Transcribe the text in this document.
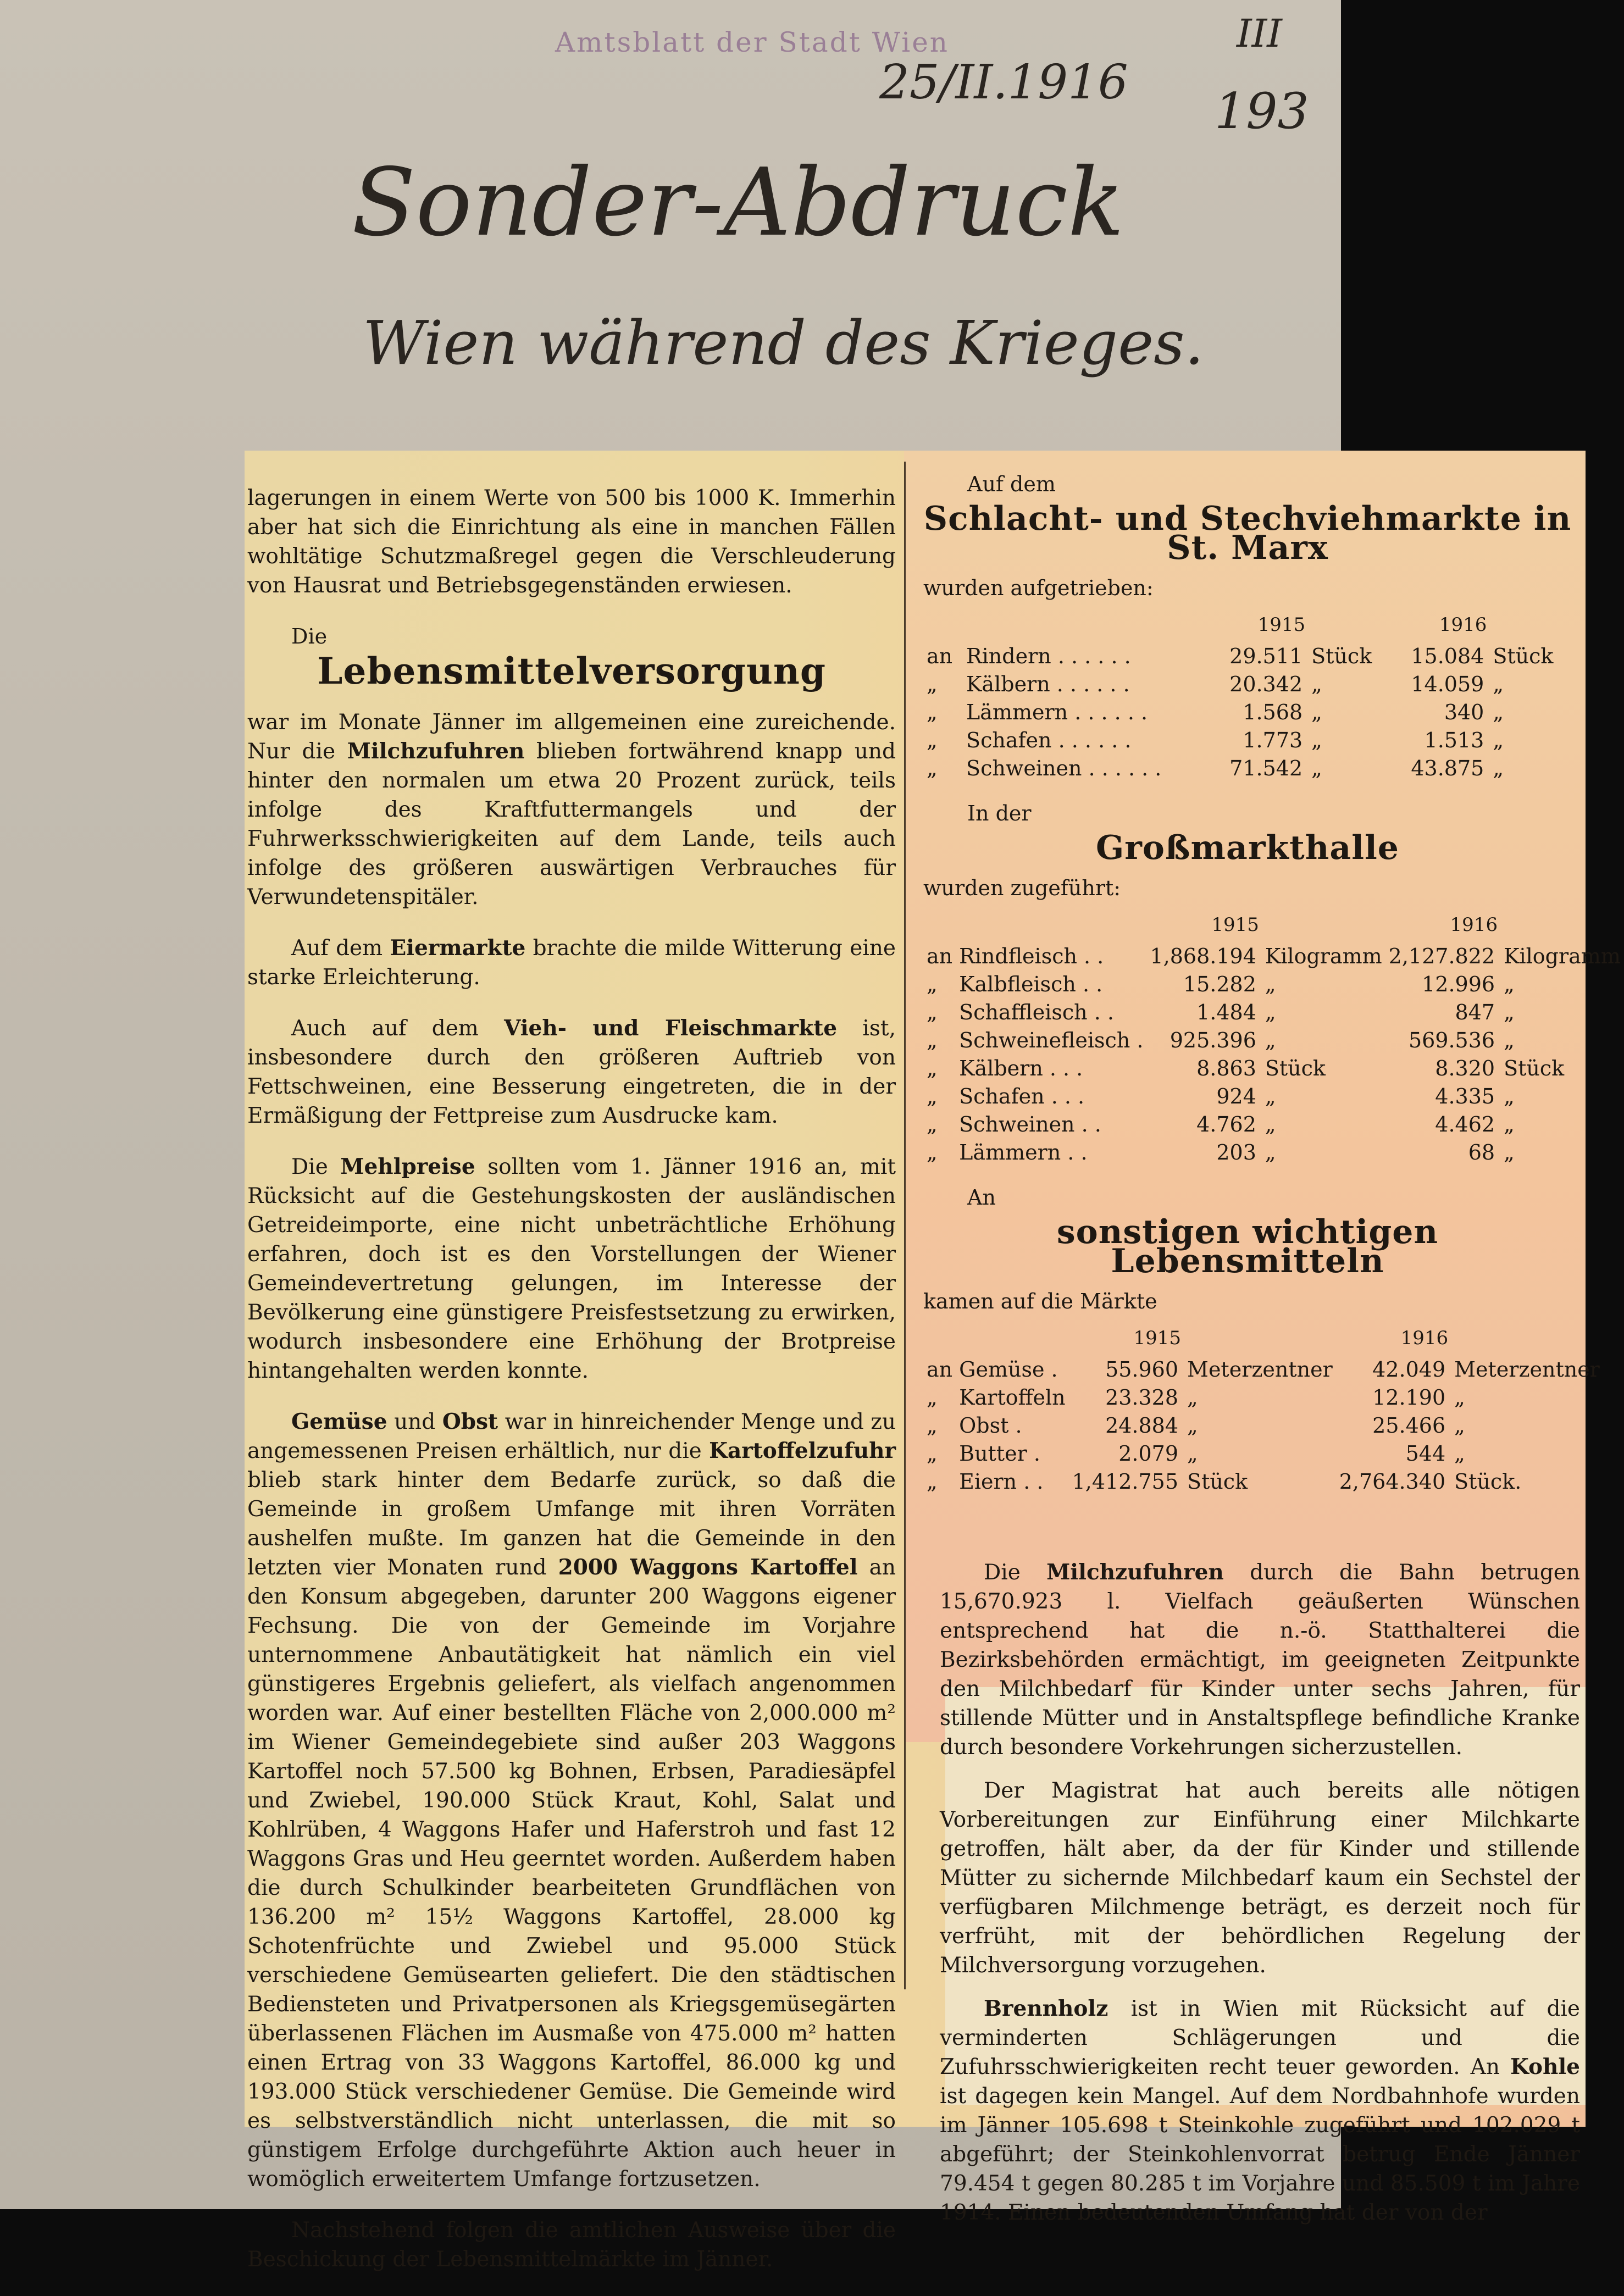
Amtsblatt der Stadt Wien	III
25/II.1916 193
Sonder-Abdruck
Wien während des Krieges.

lagerungen in einem Werte von 500 bis 1000 K. Immerhin aber hat sich die Einrichtung als eine in manchen Fällen wohltätige Schutzmaßregel gegen die Verschleuderung von Hausrat und Betriebsgegenständen erwiesen.

Die
Lebensmittelversorgung

war im Monate Jänner im allgemeinen eine zureichende. Nur die Milchzufuhren blieben fortwährend knapp und hinter den normalen um etwa 20 Prozent zurück, teils infolge des Kraftfuttermangels und der Fuhrwerksschwierigkeiten auf dem Lande, teils auch infolge des größeren auswärtigen Verbrauches für Verwundetenspitäler.

Auf dem Eiermarkte brachte die milde Witterung eine starke Erleichterung.

Auch auf dem Vieh- und Fleischmarkte ist, insbesondere durch den größeren Auftrieb von Fettschweinen, eine Besserung eingetreten, die in der Ermäßigung der Fettpreise zum Ausdrucke kam.

Die Mehlpreise sollten vom 1. Jänner 1916 an, mit Rücksicht auf die Gestehungskosten der ausländischen Getreideimporte, eine nicht unbeträchtliche Erhöhung erfahren, doch ist es den Vorstellungen der Wiener Gemeindevertretung gelungen, im Interesse der Bevölkerung eine günstigere Preisfestsetzung zu erwirken, wodurch insbesondere eine Erhöhung der Brotpreise hintangehalten werden konnte.

Gemüse und Obst war in hinreichender Menge und zu angemessenen Preisen erhältlich, nur die Kartoffelzufuhr blieb stark hinter dem Bedarfe zurück, so daß die Gemeinde in großem Umfange mit ihren Vorräten aushelfen mußte. Im ganzen hat die Gemeinde in den letzten vier Monaten rund 2000 Waggons Kartoffel an den Konsum abgegeben, darunter 200 Waggons eigener Fechsung. Die von der Gemeinde im Vorjahre unternommene Anbautätigkeit hat nämlich ein viel günstigeres Ergebnis geliefert, als vielfach angenommen worden war. Auf einer bestellten Fläche von 2,000.000 m² im Wiener Gemeindegebiete sind außer 203 Waggons Kartoffel noch 57.500 kg Bohnen, Erbsen, Paradiesäpfel und Zwiebel, 190.000 Stück Kraut, Kohl, Salat und Kohlrüben, 4 Waggons Hafer und Haferstroh und fast 12 Waggons Gras und Heu geerntet worden. Außerdem haben die durch Schulkinder bearbeiteten Grundflächen von 136.200 m² 15½ Waggons Kartoffel, 28.000 kg Schotenfrüchte und Zwiebel und 95.000 Stück verschiedene Gemüsearten geliefert. Die den städtischen Bediensteten und Privatpersonen als Kriegsgemüsegärten überlassenen Flächen im Ausmaße von 475.000 m² hatten einen Ertrag von 33 Waggons Kartoffel, 86.000 kg und 193.000 Stück verschiedener Gemüse. Die Gemeinde wird es selbstverständlich nicht unterlassen, die mit so günstigem Erfolge durchgeführte Aktion auch heuer in womöglich erweitertem Umfange fortzusetzen.

Nachstehend folgen die amtlichen Ausweise über die Beschickung der Lebensmittelmärkte im Jänner.

Auf dem
Schlacht- und Stechviehmarkte in St. Marx
wurden aufgetrieben:
		1915		1916	
an	Rindern . . . . . .	29.511	Stück	15.084	Stück
„	Kälbern . . . . . .	20.342	„	14.059	„
„	Lämmern . . . . . .	1.568	„	340	„
„	Schafen . . . . . .	1.773	„	1.513	„
„	Schweinen . . . . . .	71.542	„	43.875	„
In der
Großmarkthalle
wurden zugeführt:
		1915		1916	
an	Rindfleisch . .	1,868.194	Kilogramm	2,127.822	Kilogramm
„	Kalbfleisch . .	15.282	„	12.996	„
„	Schaffleisch . .	1.484	„	847	„
„	Schweinefleisch .	925.396	„	569.536	„
„	Kälbern . . .	8.863	Stück	8.320	Stück
„	Schafen . . .	924	„	4.335	„
„	Schweinen . .	4.762	„	4.462	„
„	Lämmern . .	203	„	68	„
An
sonstigen wichtigen Lebensmitteln
kamen auf die Märkte
		1915		1916	
an	Gemüse .	55.960	Meterzentner	42.049	Meterzentner
„	Kartoffeln	23.328	„	12.190	„
„	Obst .	24.884	„	25.466	„
„	Butter .	2.079	„	544	„
„	Eiern . .	1,412.755	Stück	2,764.340	Stück.

Die Milchzufuhren durch die Bahn betrugen 15,670.923 l. Vielfach geäußerten Wünschen entsprechend hat die n.-ö. Statthalterei die Bezirksbehörden ermächtigt, im geeigneten Zeitpunkte den Milchbedarf für Kinder unter sechs Jahren, für stillende Mütter und in Anstaltspflege befindliche Kranke durch besondere Vorkehrungen sicherzustellen.

Der Magistrat hat auch bereits alle nötigen Vorbereitungen zur Einführung einer Milchkarte getroffen, hält aber, da der für Kinder und stillende Mütter zu sichernde Milchbedarf kaum ein Sechstel der verfügbaren Milchmenge beträgt, es derzeit noch für verfrüht, mit der behördlichen Regelung der Milchversorgung vorzugehen.

Brennholz ist in Wien mit Rücksicht auf die verminderten Schlägerungen und die Zufuhrsschwierigkeiten recht teuer geworden. An Kohle ist dagegen kein Mangel. Auf dem Nordbahnhofe wurden im Jänner 105.698 t Steinkohle zugeführt und 102.029 t abgeführt; der Steinkohlenvorrat betrug Ende Jänner 79.454 t gegen 80.285 t im Vorjahre und 85.509 t im Jahre 1914. Einen bedeutenden Umfang hat der von der
